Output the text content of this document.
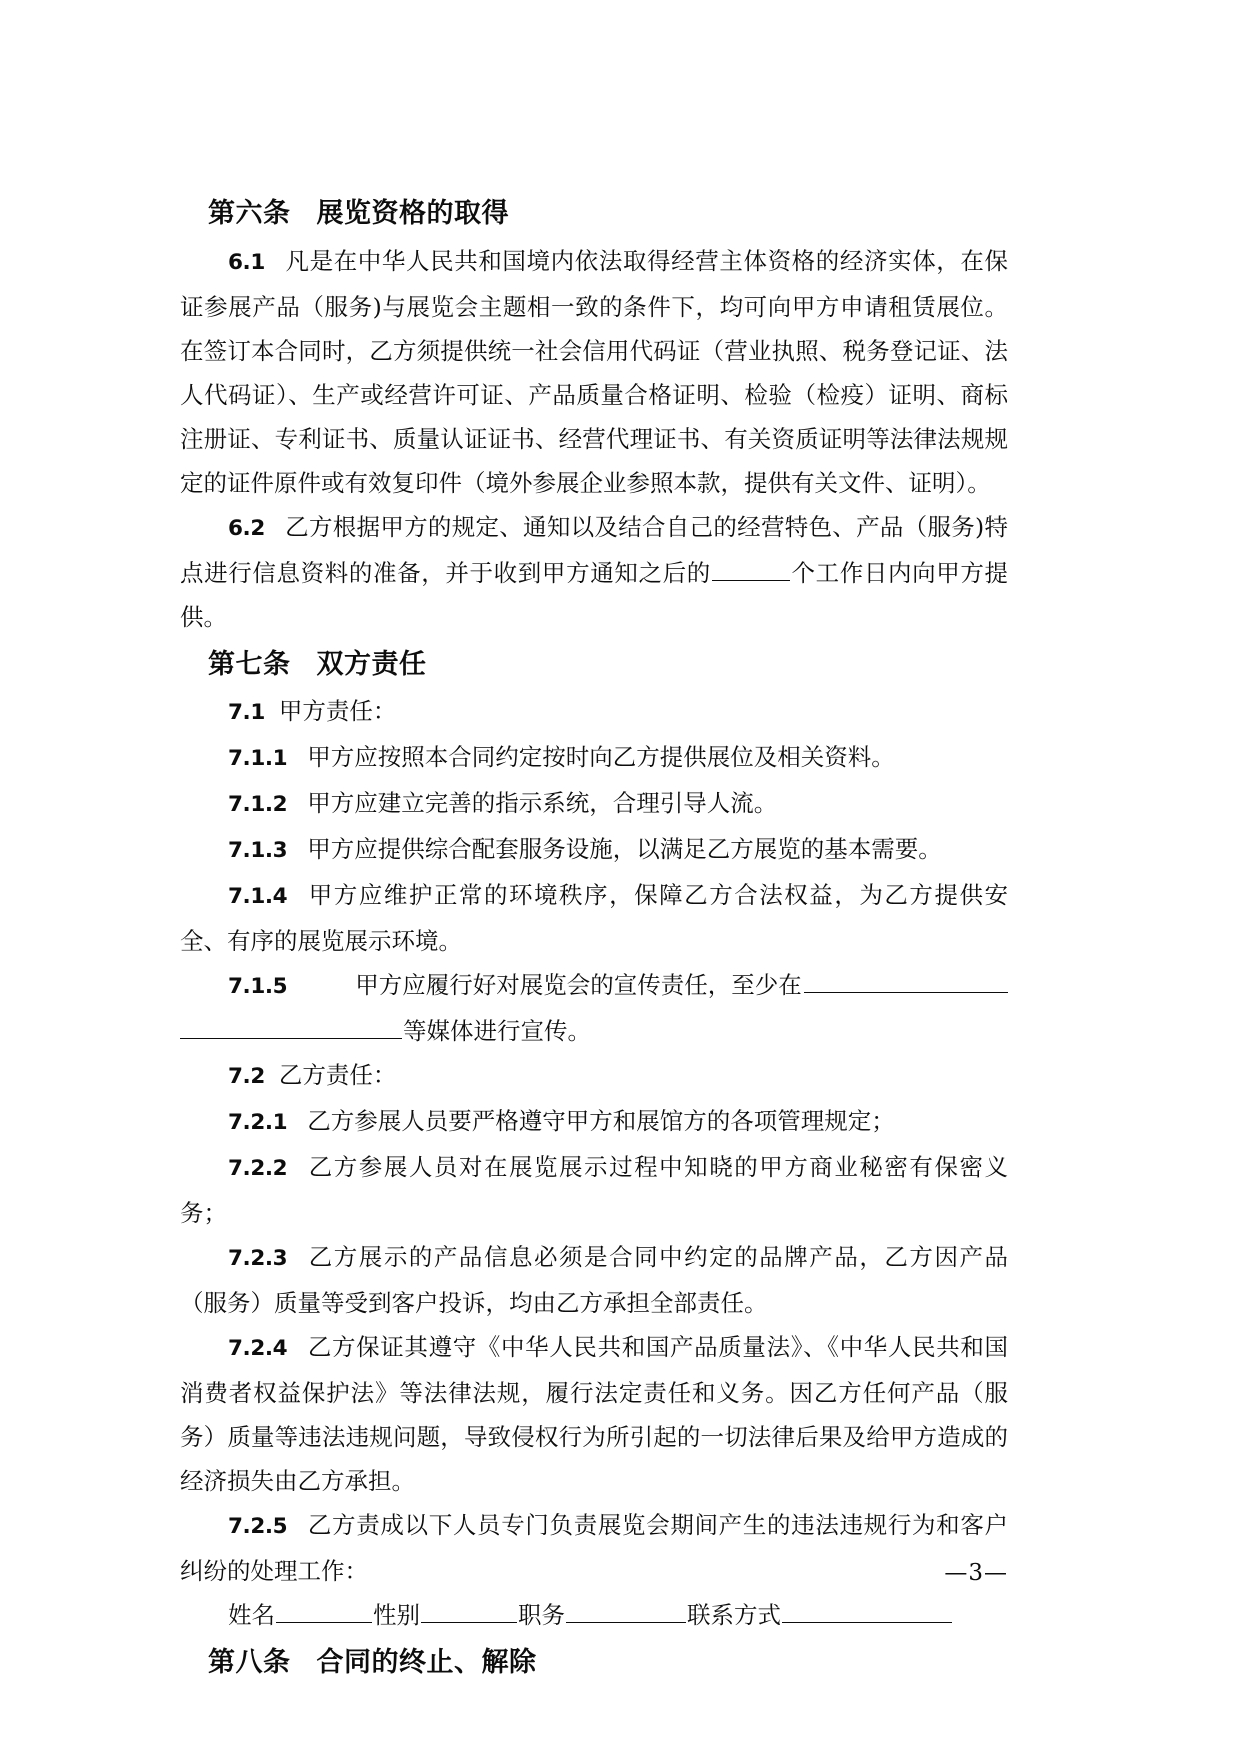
第六条 展览资格的取得

6.1 凡是在中华人民共和国境内依法取得经营主体资格的经济实体，在保证参展产品（服务)与展览会主题相一致的条件下，均可向甲方申请租赁展位。在签订本合同时，乙方须提供统一社会信用代码证（营业执照、税务登记证、法人代码证）、生产或经营许可证、产品质量合格证明、检验（检疫）证明、商标注册证、专利证书、质量认证证书、经营代理证书、有关资质证明等法律法规规定的证件原件或有效复印件（境外参展企业参照本款，提供有关文件、证明）。

6.2 乙方根据甲方的规定、通知以及结合自己的经营特色、产品（服务)特点进行信息资料的准备，并于收到甲方通知之后的	个工作日内向甲方提供。

第七条 双方责任

7.1 甲方责任：

7.1.1 甲方应按照本合同约定按时向乙方提供展位及相关资料。

7.1.2 甲方应建立完善的指示系统，合理引导人流。

7.1.3 甲方应提供综合配套服务设施，以满足乙方展览的基本需要。

7.1.4 甲方应维护正常的环境秩序，保障乙方合法权益，为乙方提供安全、有序的展览展示环境。

7.1.5	甲方应履行好对展览会的宣传责任，至少在
等媒体进行宣传。

7.2 乙方责任：

7.2.1 乙方参展人员要严格遵守甲方和展馆方的各项管理规定；

7.2.2 乙方参展人员对在展览展示过程中知晓的甲方商业秘密有保密义务；

7.2.3 乙方展示的产品信息必须是合同中约定的品牌产品，乙方因产品（服务）质量等受到客户投诉，均由乙方承担全部责任。

7.2.4 乙方保证其遵守《中华人民共和国产品质量法》、《中华人民共和国消费者权益保护法》等法律法规，履行法定责任和义务。因乙方任何产品（服务）质量等违法违规问题，导致侵权行为所引起的一切法律后果及给甲方造成的经济损失由乙方承担。

7.2.5 乙方责成以下人员专门负责展览会期间产生的违法违规行为和客户纠纷的处理工作：

姓名	性别	职务	联系方式

第八条 合同的终止、解除
—3—
